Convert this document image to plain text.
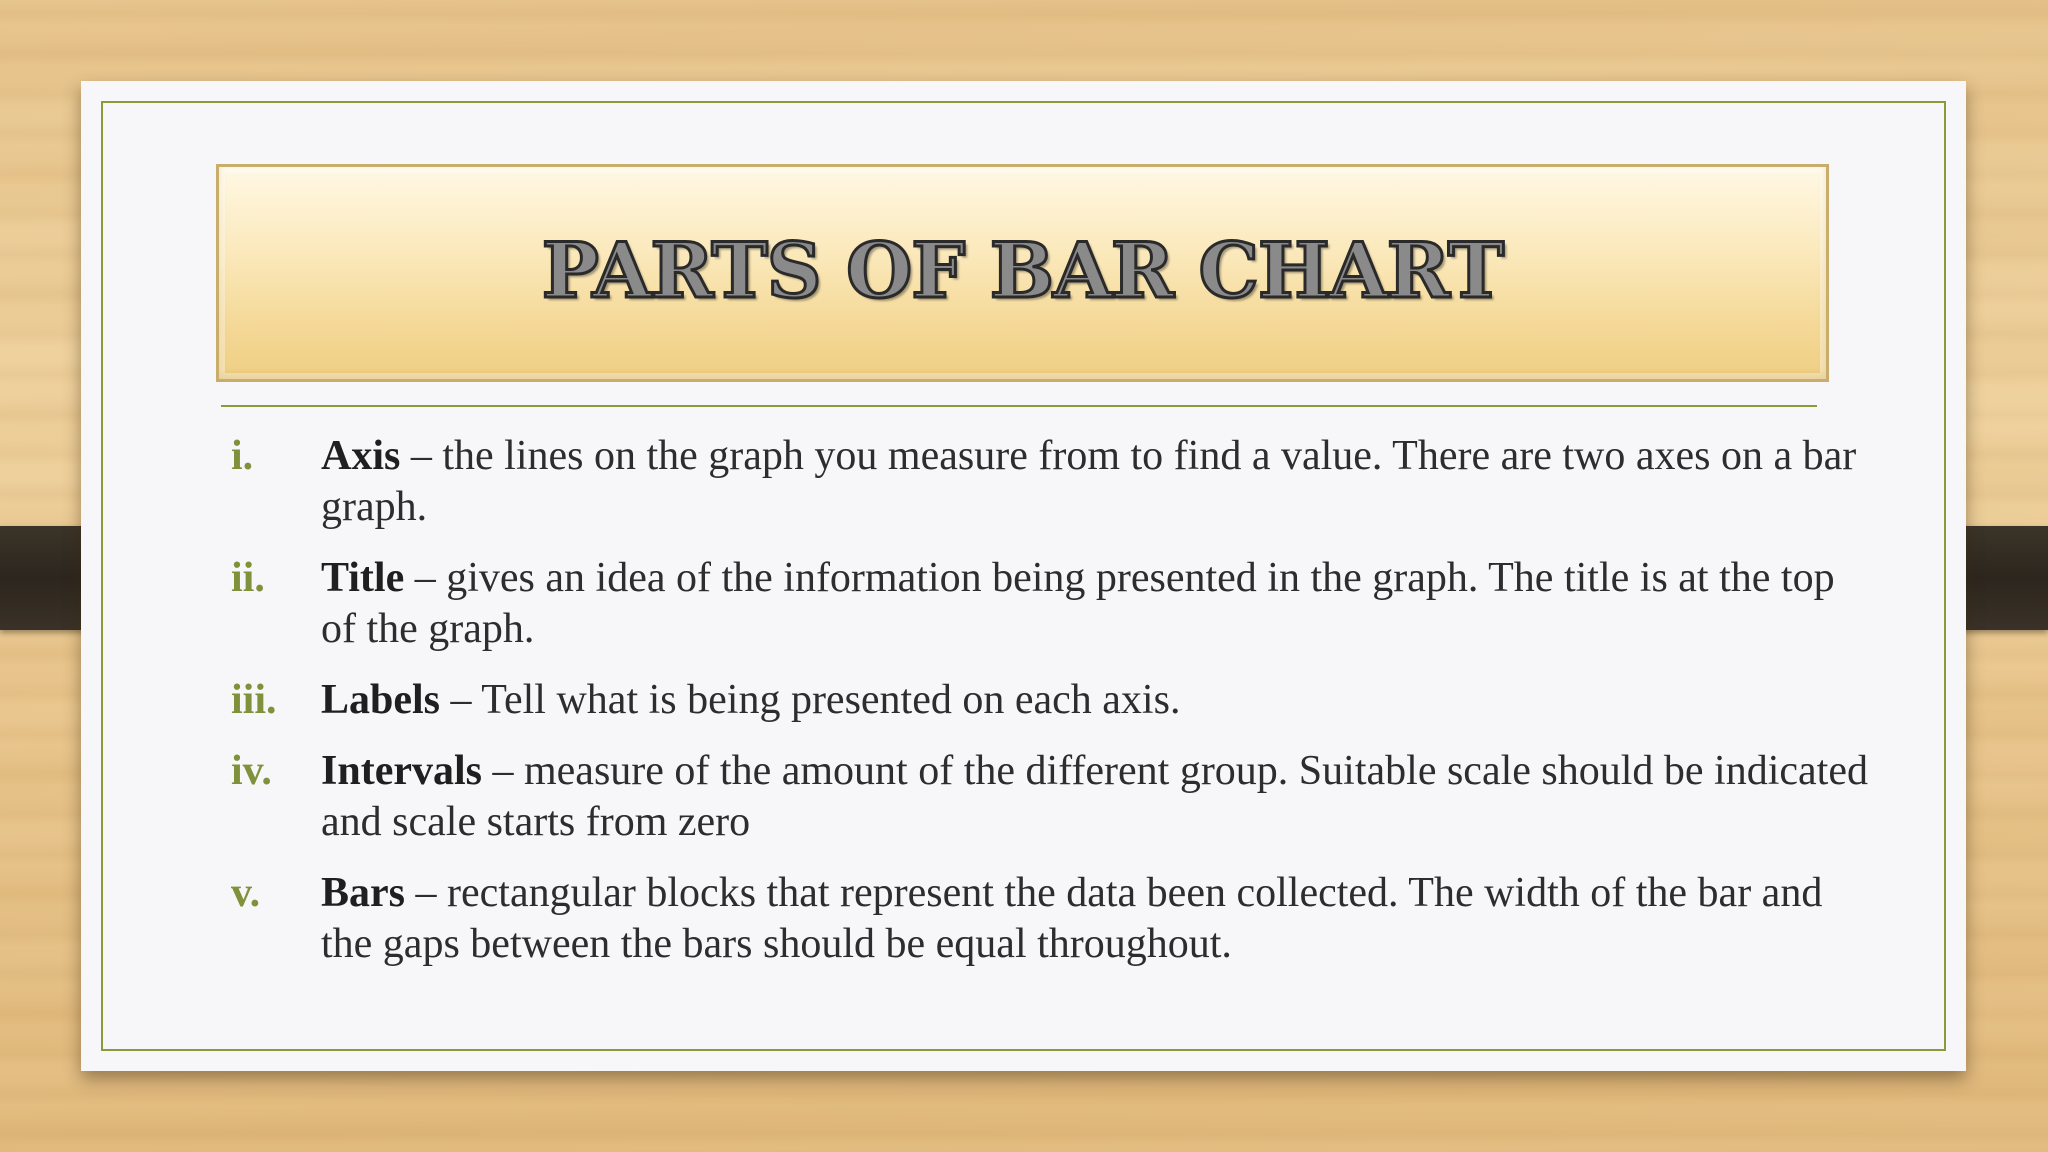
PARTS OF BAR CHART
i.	Axis – the lines on the graph you measure from to find a value. There are two axes on a bar graph.
ii.	Title – gives an idea of the information being presented in the graph. The title is at the top of the graph.
iii.	Labels – Tell what is being presented on each axis.
iv.	Intervals – measure of the amount of the different group. Suitable scale should be indicated and scale starts from zero
v.	Bars – rectangular blocks that represent the data been collected. The width of the bar and the gaps between the bars should be equal throughout.
